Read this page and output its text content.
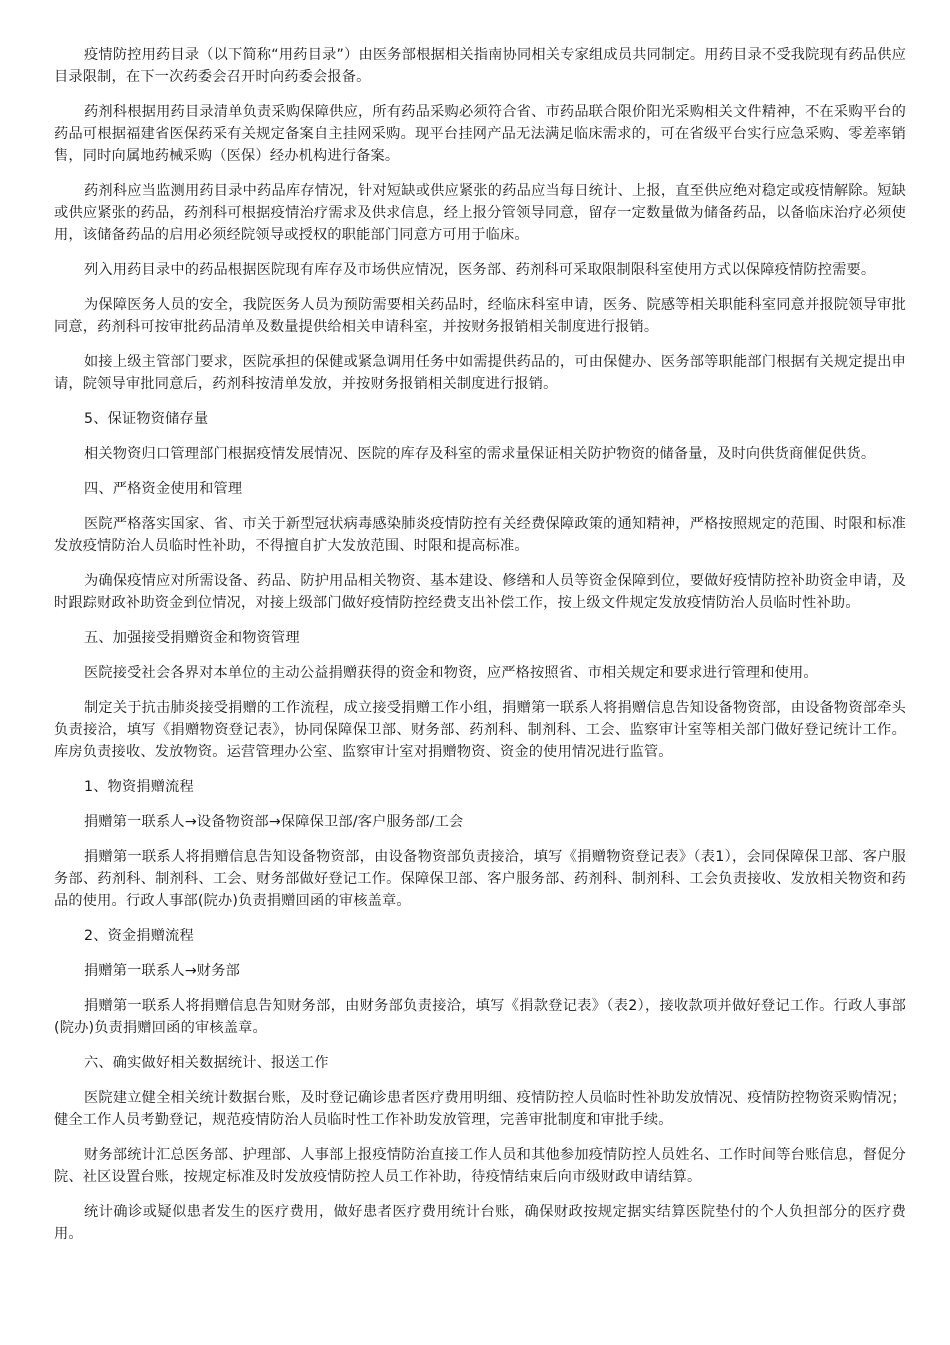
疫情防控用药目录（以下简称“用药目录”）由医务部根据相关指南协同相关专家组成员共同制定。用药目录不受我院现有药品供应目录限制，在下一次药委会召开时向药委会报备。

药剂科根据用药目录清单负责采购保障供应，所有药品采购必须符合省、市药品联合限价阳光采购相关文件精神，不在采购平台的药品可根据福建省医保药采有关规定备案自主挂网采购。现平台挂网产品无法满足临床需求的，可在省级平台实行应急采购、零差率销售，同时向属地药械采购（医保）经办机构进行备案。

药剂科应当监测用药目录中药品库存情况，针对短缺或供应紧张的药品应当每日统计、上报，直至供应绝对稳定或疫情解除。短缺或供应紧张的药品，药剂科可根据疫情治疗需求及供求信息，经上报分管领导同意，留存一定数量做为储备药品，以备临床治疗必须使用，该储备药品的启用必须经院领导或授权的职能部门同意方可用于临床。

列入用药目录中的药品根据医院现有库存及市场供应情况，医务部、药剂科可采取限制限科室使用方式以保障疫情防控需要。

为保障医务人员的安全，我院医务人员为预防需要相关药品时，经临床科室申请，医务、院感等相关职能科室同意并报院领导审批同意，药剂科可按审批药品清单及数量提供给相关申请科室，并按财务报销相关制度进行报销。

如接上级主管部门要求，医院承担的保健或紧急调用任务中如需提供药品的，可由保健办、医务部等职能部门根据有关规定提出申请，院领导审批同意后，药剂科按清单发放，并按财务报销相关制度进行报销。

5、保证物资储存量

相关物资归口管理部门根据疫情发展情况、医院的库存及科室的需求量保证相关防护物资的储备量，及时向供货商催促供货。

四、严格资金使用和管理

医院严格落实国家、省、市关于新型冠状病毒感染肺炎疫情防控有关经费保障政策的通知精神，严格按照规定的范围、时限和标准发放疫情防治人员临时性补助，不得擅自扩大发放范围、时限和提高标准。

为确保疫情应对所需设备、药品、防护用品相关物资、基本建设、修缮和人员等资金保障到位，要做好疫情防控补助资金申请，及时跟踪财政补助资金到位情况，对接上级部门做好疫情防控经费支出补偿工作，按上级文件规定发放疫情防治人员临时性补助。

五、加强接受捐赠资金和物资管理

医院接受社会各界对本单位的主动公益捐赠获得的资金和物资，应严格按照省、市相关规定和要求进行管理和使用。

制定关于抗击肺炎接受捐赠的工作流程，成立接受捐赠工作小组，捐赠第一联系人将捐赠信息告知设备物资部，由设备物资部牵头负责接洽，填写《捐赠物资登记表》，协同保障保卫部、财务部、药剂科、制剂科、工会、监察审计室等相关部门做好登记统计工作。库房负责接收、发放物资。运营管理办公室、监察审计室对捐赠物资、资金的使用情况进行监管。

1、物资捐赠流程

捐赠第一联系人→设备物资部→保障保卫部/客户服务部/工会

捐赠第一联系人将捐赠信息告知设备物资部，由设备物资部负责接洽，填写《捐赠物资登记表》（表1），会同保障保卫部、客户服务部、药剂科、制剂科、工会、财务部做好登记工作。保障保卫部、客户服务部、药剂科、制剂科、工会负责接收、发放相关物资和药品的使用。行政人事部(院办)负责捐赠回函的审核盖章。

2、资金捐赠流程

捐赠第一联系人→财务部

捐赠第一联系人将捐赠信息告知财务部，由财务部负责接洽，填写《捐款登记表》（表2），接收款项并做好登记工作。行政人事部(院办)负责捐赠回函的审核盖章。

六、确实做好相关数据统计、报送工作

医院建立健全相关统计数据台账，及时登记确诊患者医疗费用明细、疫情防控人员临时性补助发放情况、疫情防控物资采购情况；健全工作人员考勤登记，规范疫情防治人员临时性工作补助发放管理，完善审批制度和审批手续。

财务部统计汇总医务部、护理部、人事部上报疫情防治直接工作人员和其他参加疫情防控人员姓名、工作时间等台账信息，督促分院、社区设置台账，按规定标准及时发放疫情防控人员工作补助，待疫情结束后向市级财政申请结算。

统计确诊或疑似患者发生的医疗费用，做好患者医疗费用统计台账，确保财政按规定据实结算医院垫付的个人负担部分的医疗费用。
